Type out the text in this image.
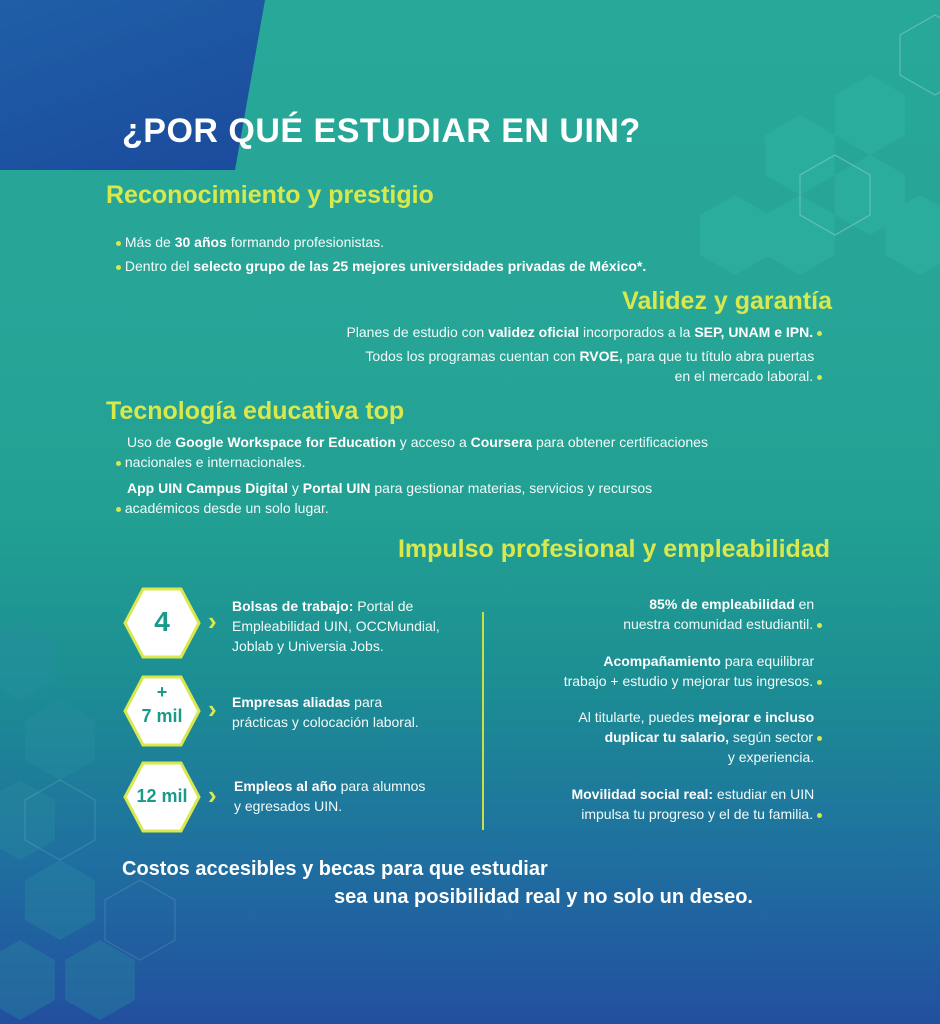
¿POR QUÉ ESTUDIAR EN UIN?
Reconocimiento y prestigio
Más de 30 años formando profesionistas.
Dentro del selecto grupo de las 25 mejores universidades privadas de México*.
Validez y garantía
Planes de estudio con validez oficial incorporados a la SEP, UNAM e IPN.
Todos los programas cuentan con RVOE, para que tu título abra puertas
en el mercado laboral.
Tecnología educativa top
Uso de Google Workspace for Education y acceso a Coursera para obtener certificaciones
nacionales e internacionales.
App UIN Campus Digital y Portal UIN para gestionar materias, servicios y recursos
académicos desde un solo lugar.
Impulso profesional y empleabilidad
4	› Bolsas de trabajo: Portal de
Empleabilidad UIN, OCCMundial,
Joblab y Universia Jobs.
+
7 mil › Empresas aliadas para
prácticas y colocación laboral.
12 mil › Empleos al año para alumnos
y egresados UIN.
85% de empleabilidad en
nuestra comunidad estudiantil.
Acompañamiento para equilibrar
trabajo + estudio y mejorar tus ingresos.
Al titularte, puedes mejorar e incluso
duplicar tu salario, según sector
y experiencia.
Movilidad social real: estudiar en UIN
impulsa tu progreso y el de tu familia.
Costos accesibles y becas para que estudiar
sea una posibilidad real y no solo un deseo.
